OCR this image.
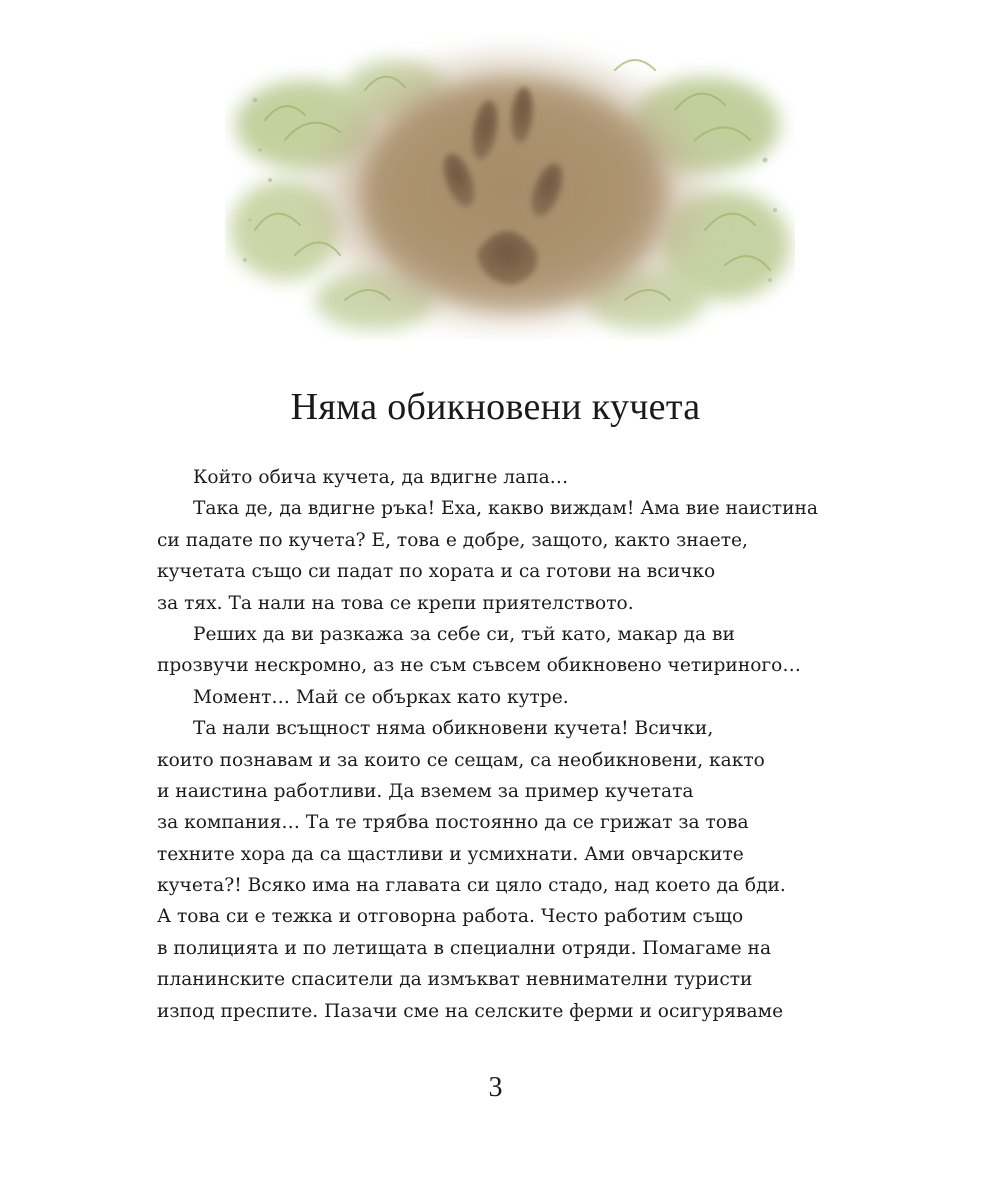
Няма обикновени кучета
Който обича кучета, да вдигне лапа…
Така де, да вдигне ръка! Еха, какво виждам! Ама вие наистина
си падате по кучета? Е, това е добре, защото, както знаете,
кучетата също си падат по хората и са готови на всичко
за тях. Та нали на това се крепи приятелството.
Реших да ви разкажа за себе си, тъй като, макар да ви
прозвучи нескромно, аз не съм съвсем обикновено четириного…
Момент… Май се обърках като кутре.
Та нали всъщност няма обикновени кучета! Всички,
които познавам и за които се сещам, са необикновени, както
и наистина работливи. Да вземем за пример кучетата
за компания… Та те трябва постоянно да се грижат за това
техните хора да са щастливи и усмихнати. Ами овчарските
кучета?! Всяко има на главата си цяло стадо, над което да бди.
А това си е тежка и отговорна работа. Често работим също
в полицията и по летищата в специални отряди. Помагаме на
планинските спасители да измъкват невнимателни туристи
изпод преспите. Пазачи сме на селските ферми и осигуряваме
3
